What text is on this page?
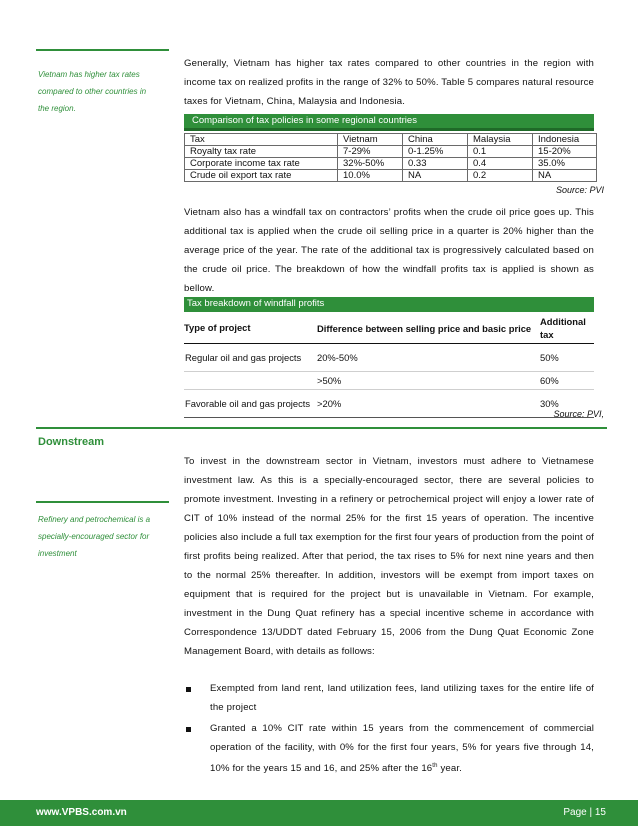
Vietnam has higher tax rates
compared to other countries in
the region.
Generally, Vietnam has higher tax rates compared to other countries in the region with income tax on realized profits in the range of 32% to 50%. Table 5 compares natural resource taxes for Vietnam, China, Malaysia and Indonesia.
Comparison of tax policies in some regional countries
Tax	Vietnam	China	Malaysia	Indonesia
Royalty tax rate	7-29%	0-1.25%	0.1	15-20%
Corporate income tax rate	32%-50%	0.33	0.4	35.0%
Crude oil export tax rate	10.0%	NA	0.2	NA
Source: PVI
Vietnam also has a windfall tax on contractors’ profits when the crude oil price goes up. This additional tax is applied when the crude oil selling price in a quarter is 20% higher than the average price of the year. The rate of the additional tax is progressively calculated based on the crude oil price. The breakdown of how the windfall profits tax is applied is shown as bellow.
Tax breakdown of windfall profits
Type of project	Difference between selling price and basic price	Additional tax
Regular oil and gas projects	20%-50%	50%
	>50%	60%
Favorable oil and gas projects	>20%	30%
Source: PVI,
Downstream
Refinery and petrochemical is a
specially-encouraged sector for
investment
To invest in the downstream sector in Vietnam, investors must adhere to Vietnamese investment law. As this is a specially-encouraged sector, there are several policies to promote investment. Investing in a refinery or petrochemical project will enjoy a lower rate of CIT of 10% instead of the normal 25% for the first 15 years of operation. The incentive policies also include a full tax exemption for the first four years of production from the point of first profits being realized. After that period, the tax rises to 5% for next nine years and then to the normal 25% thereafter. In addition, investors will be exempt from import taxes on equipment that is required for the project but is unavailable in Vietnam. For example, investment in the Dung Quat refinery has a special incentive scheme in accordance with Correspondence 13/UDDT dated February 15, 2006 from the Dung Quat Economic Zone Management Board, with details as follows:
Exempted from land rent, land utilization fees, land utilizing taxes for the entire life of the project
Granted a 10% CIT rate within 15 years from the commencement of commercial operation of the facility, with 0% for the first four years, 5% for years five through 14, 10% for the years 15 and 16, and 25% after the 16th year.
www.VPBS.com.vn	Page | 15
